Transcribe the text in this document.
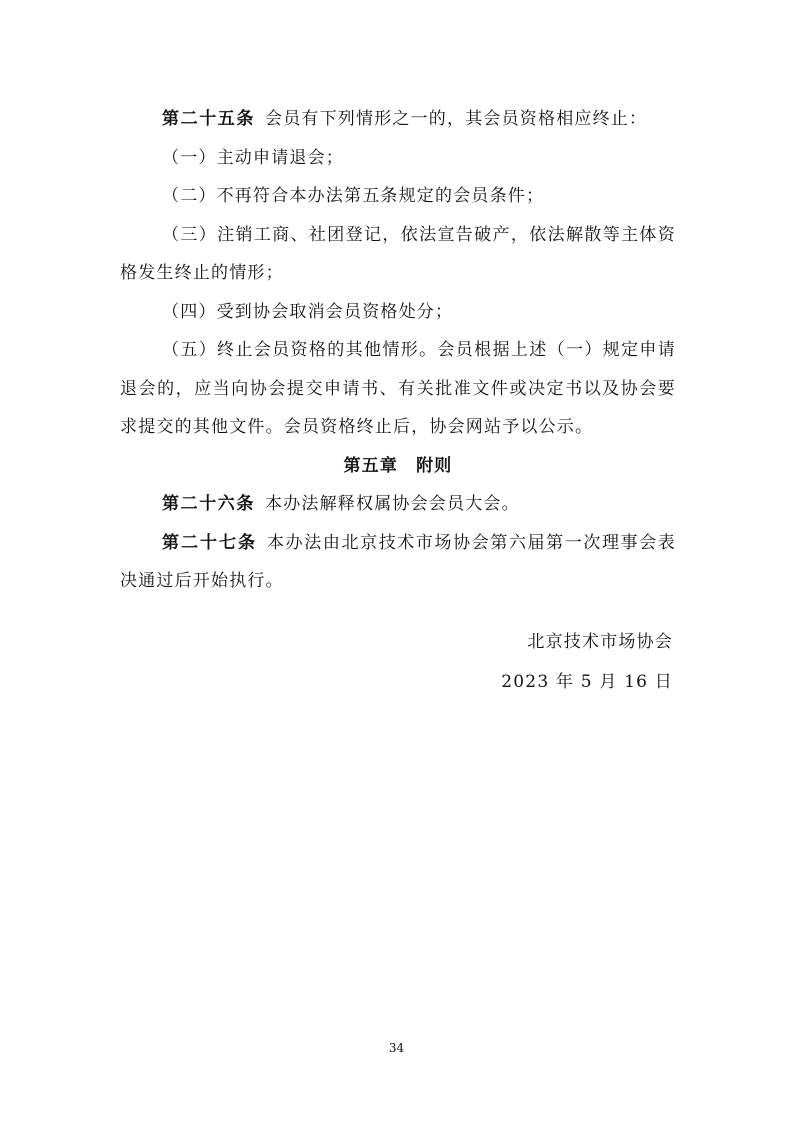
第二十五条 会员有下列情形之一的，其会员资格相应终止：

（一）主动申请退会；

（二）不再符合本办法第五条规定的会员条件；

（三）注销工商、社团登记，依法宣告破产，依法解散等主体资格发生终止的情形；

（四）受到协会取消会员资格处分；

（五）终止会员资格的其他情形。会员根据上述（一）规定申请退会的，应当向协会提交申请书、有关批准文件或决定书以及协会要求提交的其他文件。会员资格终止后，协会网站予以公示。

第五章 附则

第二十六条 本办法解释权属协会会员大会。

第二十七条 本办法由北京技术市场协会第六届第一次理事会表决通过后开始执行。

北京技术市场协会
2023 年 5 月 16 日
34
